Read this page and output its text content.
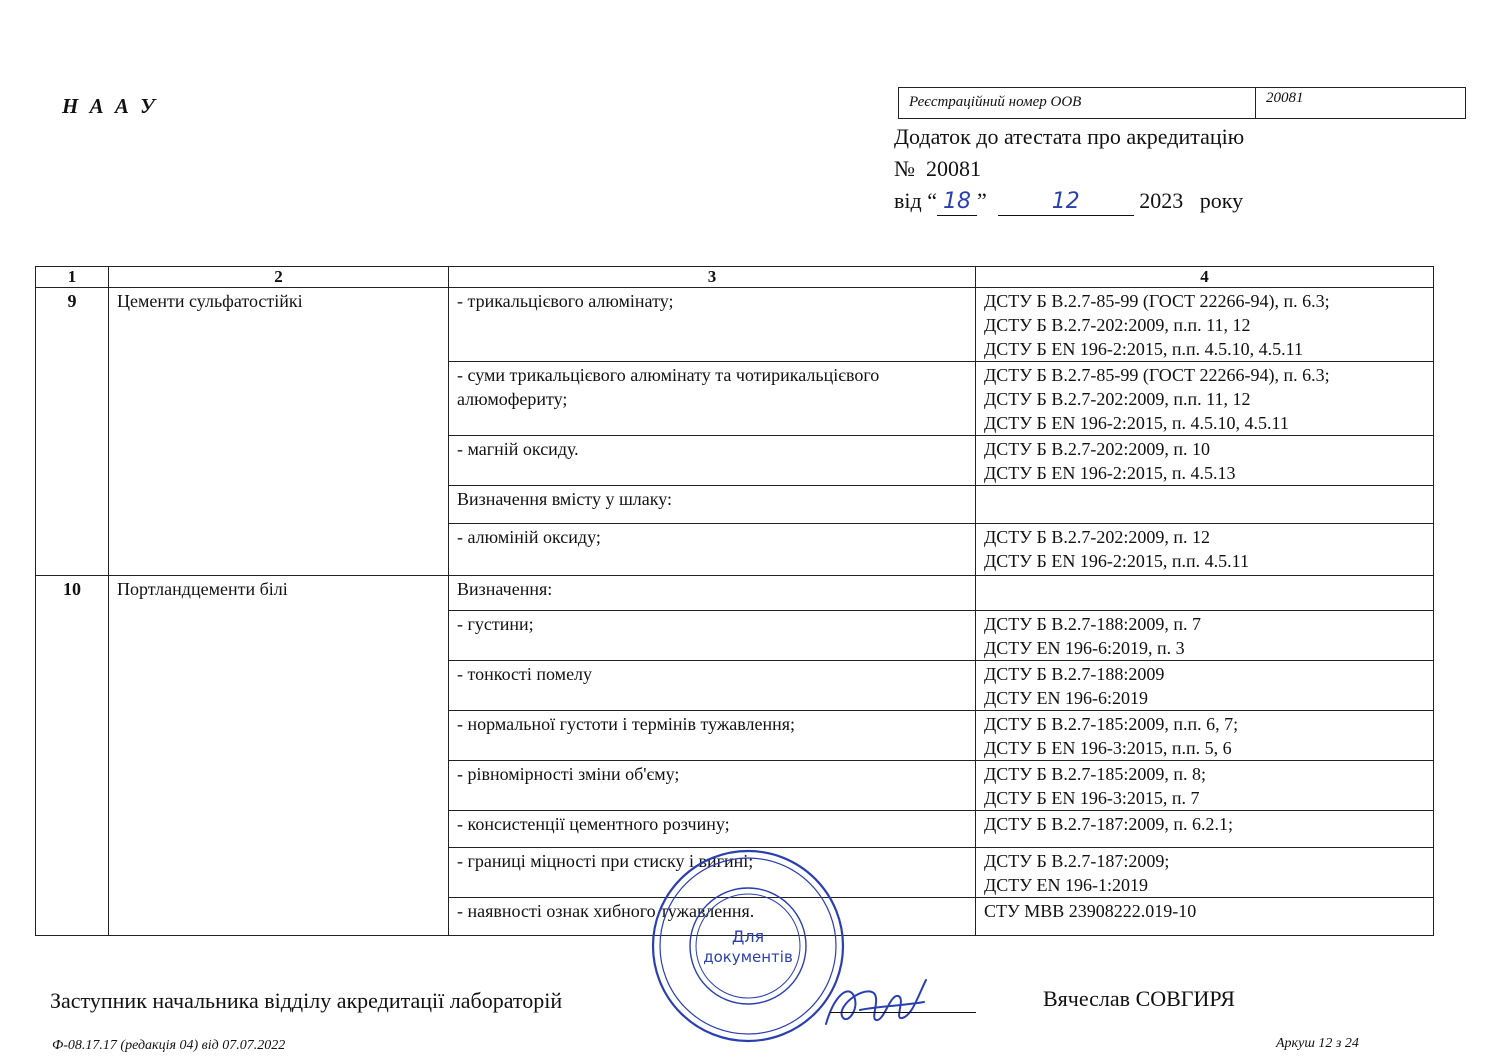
Н А А У	Реєстраційний номер ООВ	20081
Додаток до атестата про акредитацію
№ 20081
від “ 18 ”	12	2023 року
1	2	3	4
9	Цементи сульфатостійкі	- трикальцієвого алюмінату;	ДСТУ Б В.2.7-85-99 (ГОСТ 22266-94), п. 6.3;
ДСТУ Б В.2.7-202:2009, п.п. 11, 12
ДСТУ Б EN 196-2:2015, п.п. 4.5.10, 4.5.11

		- суми трикальцієвого алюмінату та чотирикальцієвого алюмофериту;	ДСТУ Б В.2.7-85-99 (ГОСТ 22266-94), п. 6.3;
ДСТУ Б В.2.7-202:2009, п.п. 11, 12
ДСТУ Б EN 196-2:2015, п. 4.5.10, 4.5.11

		- магній оксиду.	ДСТУ Б В.2.7-202:2009, п. 10
ДСТУ Б EN 196-2:2015, п. 4.5.13

		Визначення вмісту у шлаку:	
		- алюміній оксиду;	ДСТУ Б В.2.7-202:2009, п. 12
ДСТУ Б EN 196-2:2015, п.п. 4.5.11

10	Портландцементи білі	Визначення:	
		- густини;	ДСТУ Б В.2.7-188:2009, п. 7
ДСТУ EN 196-6:2019, п. 3

		- тонкості помелу	ДСТУ Б В.2.7-188:2009
ДСТУ EN 196-6:2019

		- нормальної густоти і термінів тужавлення;	ДСТУ Б В.2.7-185:2009, п.п. 6, 7;
ДСТУ Б EN 196-3:2015, п.п. 5, 6

		- рівномірності зміни об'єму;	ДСТУ Б В.2.7-185:2009, п. 8;
ДСТУ Б EN 196-3:2015, п. 7

		- консистенції цементного розчину;	ДСТУ Б В.2.7-187:2009, п. 6.2.1;

		- границі міцності при стиску і вигині;	ДСТУ Б В.2.7-187:2009;
ДСТУ EN 196-1:2019

		- наявності ознак хибного тужавлення.	СТУ МВВ 23908222.019-10
Для
документів
Заступник начальника відділу акредитації лабораторій	Вячеслав СОВГИРЯ
Ф-08.17.17 (редакція 04) від 07.07.2022	Аркуш 12 з 24
